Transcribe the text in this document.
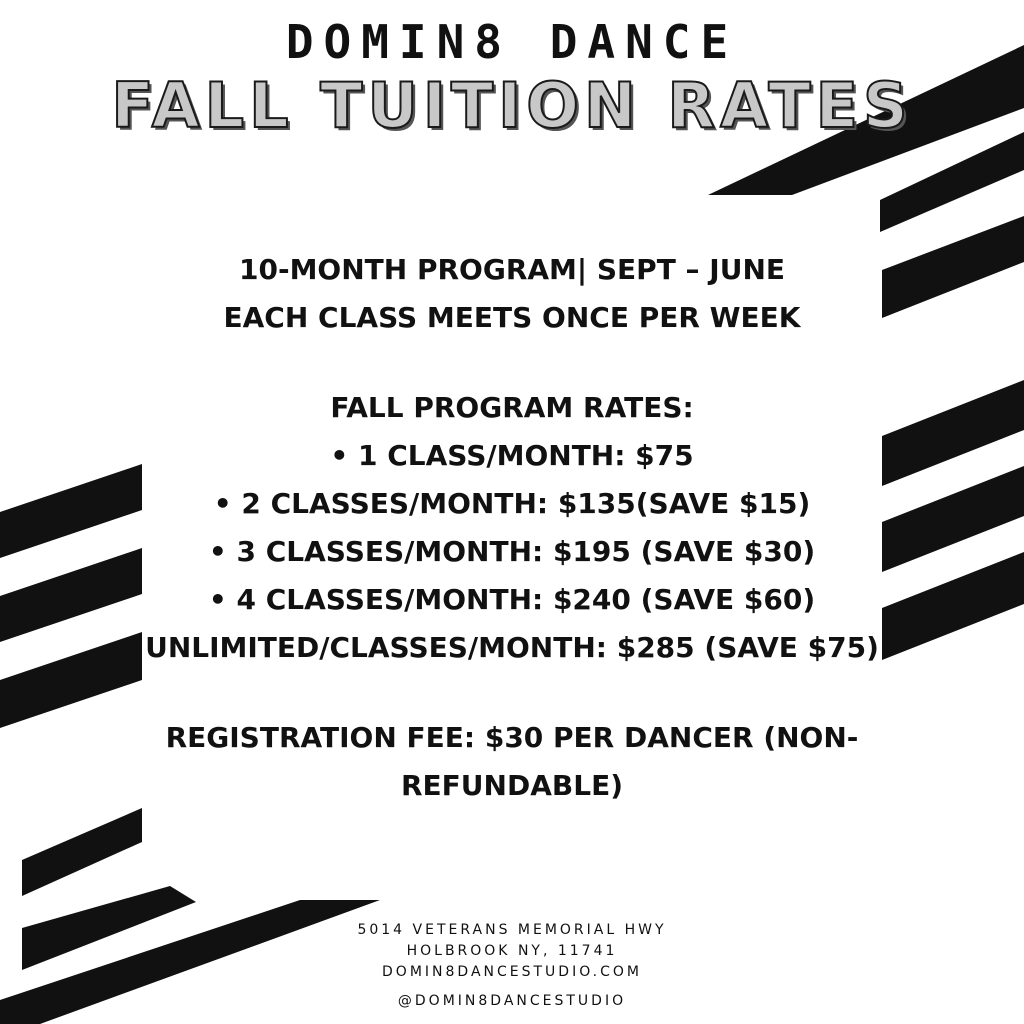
DOMIN8 DANCE
FALL TUITION RATES
10-MONTH PROGRAM| SEPT – JUNE
EACH CLASS MEETS ONCE PER WEEK
FALL PROGRAM RATES:
• 1 CLASS/MONTH: $75
• 2 CLASSES/MONTH: $135(SAVE $15)
• 3 CLASSES/MONTH: $195 (SAVE $30)
• 4 CLASSES/MONTH: $240 (SAVE $60)
UNLIMITED/CLASSES/MONTH: $285 (SAVE $75)
REGISTRATION FEE: $30 PER DANCER (NON-
REFUNDABLE)
5014 VETERANS MEMORIAL HWY
HOLBROOK NY, 11741
DOMIN8DANCESTUDIO.COM
@DOMIN8DANCESTUDIO
